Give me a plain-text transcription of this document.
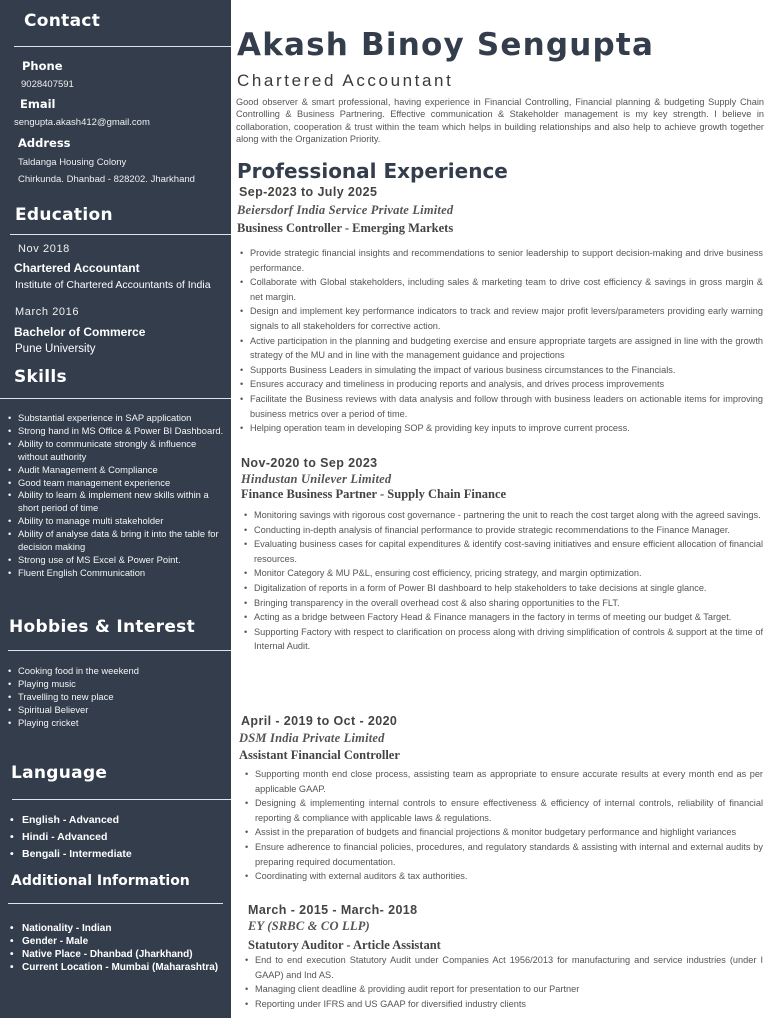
Contact
Phone
9028407591
Email
sengupta.akash412@gmail.com
Address
Taldanga Housing Colony
Chirkunda. Dhanbad - 828202. Jharkhand
Education
Nov 2018
Chartered Accountant
Institute of Chartered Accountants of India
March 2016
Bachelor of Commerce
Pune University
Skills
• Substantial experience in SAP application
• Strong hand in MS Office & Power BI Dashboard.
• Ability to communicate strongly & influence without authority
• Audit Management & Compliance
• Good team management experience
• Ability to learn & implement new skills within a short period of time
• Ability to manage multi stakeholder
• Ability of analyse data & bring it into the table for decision making
• Strong use of MS Excel & Power Point.
• Fluent English Communication
Hobbies & Interest
• Cooking food in the weekend
• Playing music
• Travelling to new place
• Spiritual Believer
• Playing cricket
Language
• English - Advanced
• Hindi - Advanced
• Bengali - Intermediate
Additional Information
• Nationality - Indian
• Gender - Male
• Native Place - Dhanbad (Jharkhand)
• Current Location - Mumbai (Maharashtra)
Akash Binoy Sengupta
Chartered Accountant
Good observer & smart professional, having experience in Financial Controlling, Financial planning & budgeting Supply Chain Controlling & Business Partnering. Effective communication & Stakeholder management is my key strength. I believe in collaboration, cooperation & trust within the team which helps in building relationships and also help to achieve growth together along with the Organization Priority.
Professional Experience
Sep-2023 to July 2025
Beiersdorf India Service Private Limited
Business Controller - Emerging Markets
• Provide strategic financial insights and recommendations to senior leadership to support decision-making and drive business performance.
• Collaborate with Global stakeholders, including sales & marketing team to drive cost efficiency & savings in gross margin & net margin.
• Design and implement key performance indicators to track and review major profit levers/parameters providing early warning signals to all stakeholders for corrective action.
• Active participation in the planning and budgeting exercise and ensure appropriate targets are assigned in line with the growth strategy of the MU and in line with the management guidance and projections
• Supports Business Leaders in simulating the impact of various business circumstances to the Financials.
• Ensures accuracy and timeliness in producing reports and analysis, and drives process improvements
• Facilitate the Business reviews with data analysis and follow through with business leaders on actionable items for improving business metrics over a period of time.
• Helping operation team in developing SOP & providing key inputs to improve current process.
Nov-2020 to Sep 2023
Hindustan Unilever Limited
Finance Business Partner - Supply Chain Finance
• Monitoring savings with rigorous cost governance - partnering the unit to reach the cost target along with the agreed savings.
• Conducting in-depth analysis of financial performance to provide strategic recommendations to the Finance Manager.
• Evaluating business cases for capital expenditures & identify cost-saving initiatives and ensure efficient allocation of financial resources.
• Monitor Category & MU P&L, ensuring cost efficiency, pricing strategy, and margin optimization.
• Digitalization of reports in a form of Power BI dashboard to help stakeholders to take decisions at single glance.
• Bringing transparency in the overall overhead cost & also sharing opportunities to the FLT.
• Acting as a bridge between Factory Head & Finance managers in the factory in terms of meeting our budget & Target.
• Supporting Factory with respect to clarification on process along with driving simplification of controls & support at the time of Internal Audit.
April - 2019 to Oct - 2020
DSM India Private Limited
Assistant Financial Controller
• Supporting month end close process, assisting team as appropriate to ensure accurate results at every month end as per applicable GAAP.
• Designing & implementing internal controls to ensure effectiveness & efficiency of internal controls, reliability of financial reporting & compliance with applicable laws & regulations.
• Assist in the preparation of budgets and financial projections & monitor budgetary performance and highlight variances
• Ensure adherence to financial policies, procedures, and regulatory standards & assisting with internal and external audits by preparing required documentation.
• Coordinating with external auditors & tax authorities.
March - 2015 - March- 2018
EY (SRBC & CO LLP)
Statutory Auditor - Article Assistant
• End to end execution Statutory Audit under Companies Act 1956/2013 for manufacturing and service industries (under I GAAP) and Ind AS.
• Managing client deadline & providing audit report for presentation to our Partner
• Reporting under IFRS and US GAAP for diversified industry clients
